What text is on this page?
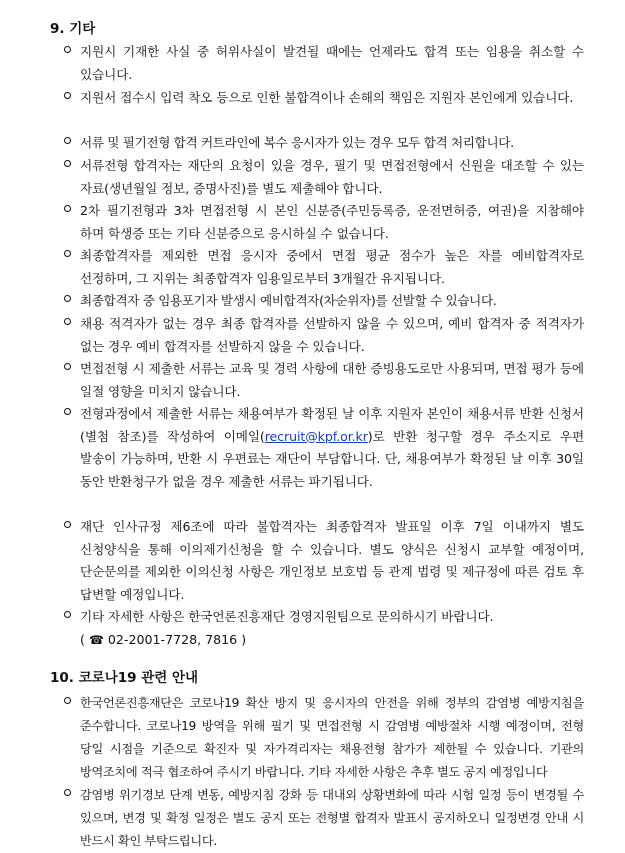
9. 기타
지원시 기재한 사실 중 허위사실이 발견될 때에는 언제라도 합격 또는 임용을 취소할 수 있습니다.
지원서 접수시 입력 착오 등으로 인한 불합격이나 손해의 책임은 지원자 본인에게 있습니다.
서류 및 필기전형 합격 커트라인에 복수 응시자가 있는 경우 모두 합격 처리합니다.
서류전형 합격자는 재단의 요청이 있을 경우, 필기 및 면접전형에서 신원을 대조할 수 있는 자료(생년월일 정보, 증명사진)를 별도 제출해야 합니다.
2차 필기전형과 3차 면접전형 시 본인 신분증(주민등록증, 운전면허증, 여권)을 지참해야 하며 학생증 또는 기타 신분증으로 응시하실 수 없습니다.
최종합격자를 제외한 면접 응시자 중에서 면접 평균 점수가 높은 자를 예비합격자로 선정하며, 그 지위는 최종합격자 임용일로부터 3개월간 유지됩니다.
최종합격자 중 임용포기자 발생시 예비합격자(차순위자)를 선발할 수 있습니다.
채용 적격자가 없는 경우 최종 합격자를 선발하지 않을 수 있으며, 예비 합격자 중 적격자가 없는 경우 예비 합격자를 선발하지 않을 수 있습니다.
면접전형 시 제출한 서류는 교육 및 경력 사항에 대한 증빙용도로만 사용되며, 면접 평가 등에 일절 영향을 미치지 않습니다.
전형과정에서 제출한 서류는 채용여부가 확정된 날 이후 지원자 본인이 채용서류 반환 신청서(별첨 참조)를 작성하여 이메일(recruit@kpf.or.kr)로 반환 청구할 경우 주소지로 우편 발송이 가능하며, 반환 시 우편료는 재단이 부담합니다. 단, 채용여부가 확정된 날 이후 30일 동안 반환청구가 없을 경우 제출한 서류는 파기됩니다.
재단 인사규정 제6조에 따라 불합격자는 최종합격자 발표일 이후 7일 이내까지 별도 신청양식을 통해 이의제기신청을 할 수 있습니다. 별도 양식은 신청시 교부할 예정이며, 단순문의를 제외한 이의신청 사항은 개인정보 보호법 등 관계 법령 및 제규정에 따른 검토 후 답변할 예정입니다.
기타 자세한 사항은 한국언론진흥재단 경영지원팀으로 문의하시기 바랍니다.
( ☎ 02-2001-7728, 7816 )
10. 코로나19 관련 안내
한국언론진흥재단은 코로나19 확산 방지 및 응시자의 안전을 위해 정부의 감염병 예방지침을 준수합니다. 코로나19 방역을 위해 필기 및 면접전형 시 감염병 예방절차 시행 예정이며, 전형 당일 시점을 기준으로 확진자 및 자가격리자는 채용전형 참가가 제한될 수 있습니다. 기관의 방역조치에 적극 협조하여 주시기 바랍니다. 기타 자세한 사항은 추후 별도 공지 예정입니다
감염병 위기경보 단계 변동, 예방지침 강화 등 대내외 상황변화에 따라 시험 일정 등이 변경될 수 있으며, 변경 및 확정 일정은 별도 공지 또는 전형별 합격자 발표시 공지하오니 일정변경 안내 시 반드시 확인 부탁드립니다.
